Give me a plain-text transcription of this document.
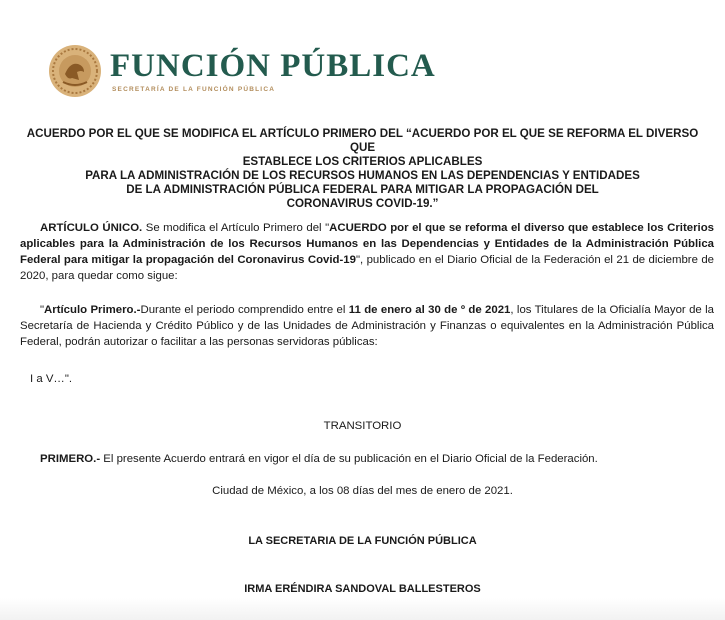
FUNCIÓN PÚBLICA
SECRETARÍA DE LA FUNCIÓN PÚBLICA
ACUERDO POR EL QUE SE MODIFICA EL ARTÍCULO PRIMERO DEL “ACUERDO POR EL QUE SE REFORMA EL DIVERSO QUE
ESTABLECE LOS CRITERIOS APLICABLES
PARA LA ADMINISTRACIÓN DE LOS RECURSOS HUMANOS EN LAS DEPENDENCIAS Y ENTIDADES
DE LA ADMINISTRACIÓN PÚBLICA FEDERAL PARA MITIGAR LA PROPAGACIÓN DEL
CORONAVIRUS COVID-19.”
ARTÍCULO ÚNICO. Se modifica el Artículo Primero del "ACUERDO por el que se reforma el diverso que establece los Criterios aplicables para la Administración de los Recursos Humanos en las Dependencias y Entidades de la Administración Pública Federal para mitigar la propagación del Coronavirus Covid-19", publicado en el Diario Oficial de la Federación el 21 de diciembre de 2020, para quedar como sigue:
"Artículo Primero.-Durante el periodo comprendido entre el 11 de enero al 30 de º de 2021, los Titulares de la Oficialía Mayor de la Secretaría de Hacienda y Crédito Público y de las Unidades de Administración y Finanzas o equivalentes en la Administración Pública Federal, podrán autorizar o facilitar a las personas servidoras públicas:
I a V…".
TRANSITORIO
PRIMERO.- El presente Acuerdo entrará en vigor el día de su publicación en el Diario Oficial de la Federación.
Ciudad de México, a los 08 días del mes de enero de 2021.
LA SECRETARIA DE LA FUNCIÓN PÚBLICA
IRMA ERÉNDIRA SANDOVAL BALLESTEROS
